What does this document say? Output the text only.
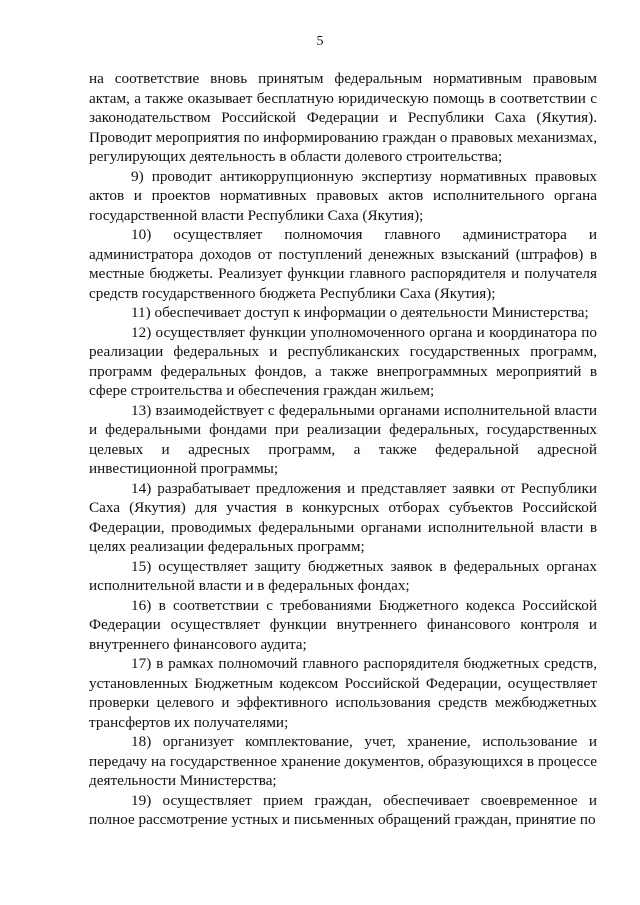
5

на соответствие вновь принятым федеральным нормативным правовым актам, а также оказывает бесплатную юридическую помощь в соответствии с законодательством Российской Федерации и Республики Саха (Якутия). Проводит мероприятия по информированию граждан о правовых механизмах, регулирующих деятельность в области долевого строительства;

9) проводит антикоррупционную экспертизу нормативных правовых актов и проектов нормативных правовых актов исполнительного органа государственной власти Республики Саха (Якутия);

10) осуществляет полномочия главного администратора и администратора доходов от поступлений денежных взысканий (штрафов) в местные бюджеты. Реализует функции главного распорядителя и получателя средств государственного бюджета Республики Саха (Якутия);

11) обеспечивает доступ к информации о деятельности Министерства;

12) осуществляет функции уполномоченного органа и координатора по реализации федеральных и республиканских государственных программ, программ федеральных фондов, а также внепрограммных мероприятий в сфере строительства и обеспечения граждан жильем;

13) взаимодействует с федеральными органами исполнительной власти и федеральными фондами при реализации федеральных, государственных целевых и адресных программ, а также федеральной адресной инвестиционной программы;

14) разрабатывает предложения и представляет заявки от Республики Саха (Якутия) для участия в конкурсных отборах субъектов Российской Федерации, проводимых федеральными органами исполнительной власти в целях реализации федеральных программ;

15) осуществляет защиту бюджетных заявок в федеральных органах исполнительной власти и в федеральных фондах;

16) в соответствии с требованиями Бюджетного кодекса Российской Федерации осуществляет функции внутреннего финансового контроля и внутреннего финансового аудита;

17) в рамках полномочий главного распорядителя бюджетных средств, установленных Бюджетным кодексом Российской Федерации, осуществляет проверки целевого и эффективного использования средств межбюджетных трансфертов их получателями;

18) организует комплектование, учет, хранение, использование и передачу на государственное хранение документов, образующихся в процессе деятельности Министерства;

19) осуществляет прием граждан, обеспечивает своевременное и полное рассмотрение устных и письменных обращений граждан, принятие по
